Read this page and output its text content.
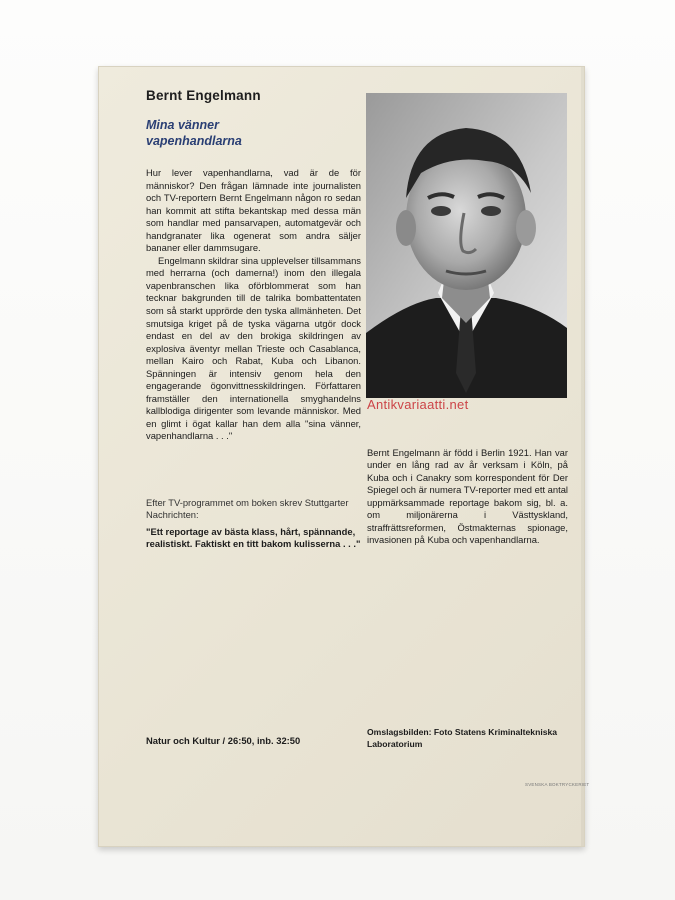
Bernt Engelmann
Mina vänner
vapenhandlarna

Hur lever vapenhandlarna, vad är de för människor? Den frågan lämnade inte journalisten och TV-reportern Bernt Engelmann någon ro sedan han kommit att stifta bekantskap med dessa män som handlar med pansarvapen, automatgevär och handgranater lika ogenerat som andra säljer bananer eller dammsugare.

Engelmann skildrar sina upplevelser tillsammans med herrarna (och damerna!) inom den illegala vapenbranschen lika oförblommerat som han tecknar bakgrunden till de talrika bombattentaten som så starkt upprörde den tyska allmänheten. Det smutsiga kriget på de tyska vägarna utgör dock endast en del av den brokiga skildringen av explosiva äventyr mellan Trieste och Casablanca, mellan Kairo och Rabat, Kuba och Libanon. Spänningen är intensiv genom hela den engagerande ögonvittnesskildringen. Författaren framställer den internationella smyghandelns kallblodiga dirigenter som levande människor. Med en glimt i ögat kallar han dem alla "sina vänner, vapenhandlarna . . ."

Efter TV-programmet om boken skrev Stuttgarter Nachrichten:
"Ett reportage av bästa klass, hårt, spännande, realistiskt. Faktiskt en titt bakom kulisserna . . ."
Antikvariaatti.net
Bernt Engelmann är född i Berlin 1921. Han var under en lång rad av år verksam i Köln, på Kuba och i Canakry som korrespondent för Der Spiegel och är numera TV-reporter med ett antal uppmärksammade reportage bakom sig, bl. a. om miljonärerna i Västtyskland, straffrättsreformen, Östmakternas spionage, invasionen på Kuba och vapenhandlarna.
Natur och Kultur / 26:50, inb. 32:50
Omslagsbilden: Foto Statens Kriminaltekniska Laboratorium
SVENSKA BOKTRYCKERIET
